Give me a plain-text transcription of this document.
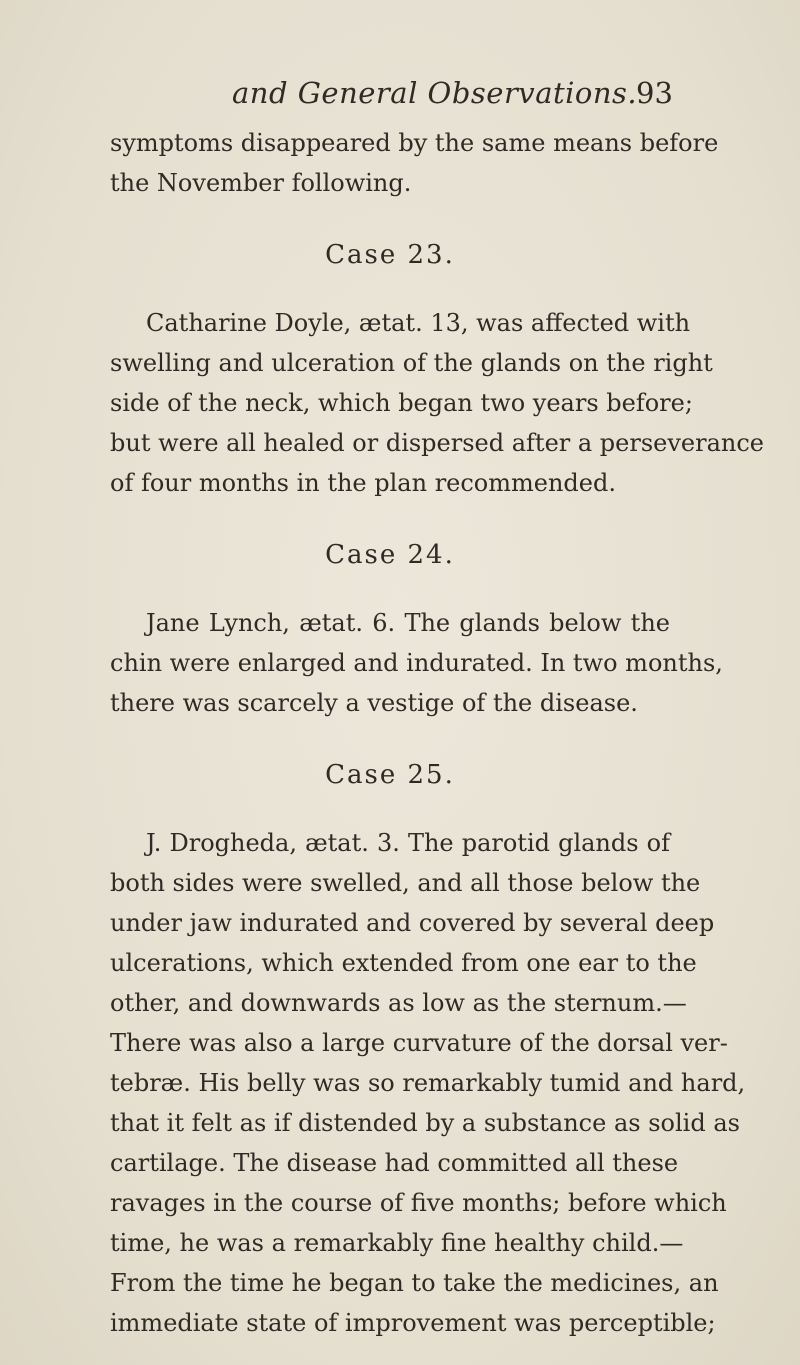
and General Observations.
93
symptoms disappeared by the same means before
the November following.
Case 23.
Catharine Doyle, ætat. 13, was affected with
swelling and ulceration of the glands on the right
side of the neck, which began two years before;
but were all healed or dispersed after a perseverance
of four months in the plan recommended.
Case 24.
Jane Lynch, ætat. 6. The glands below the
chin were enlarged and indurated. In two months,
there was scarcely a vestige of the disease.
Case 25.
J. Drogheda, ætat. 3. The parotid glands of
both sides were swelled, and all those below the
under jaw indurated and covered by several deep
ulcerations, which extended from one ear to the
other, and downwards as low as the sternum.—
There was also a large curvature of the dorsal ver-
tebræ. His belly was so remarkably tumid and hard,
that it felt as if distended by a substance as solid as
cartilage. The disease had committed all these
ravages in the course of five months; before which
time, he was a remarkably fine healthy child.—
From the time he began to take the medicines, an
immediate state of improvement was perceptible;
